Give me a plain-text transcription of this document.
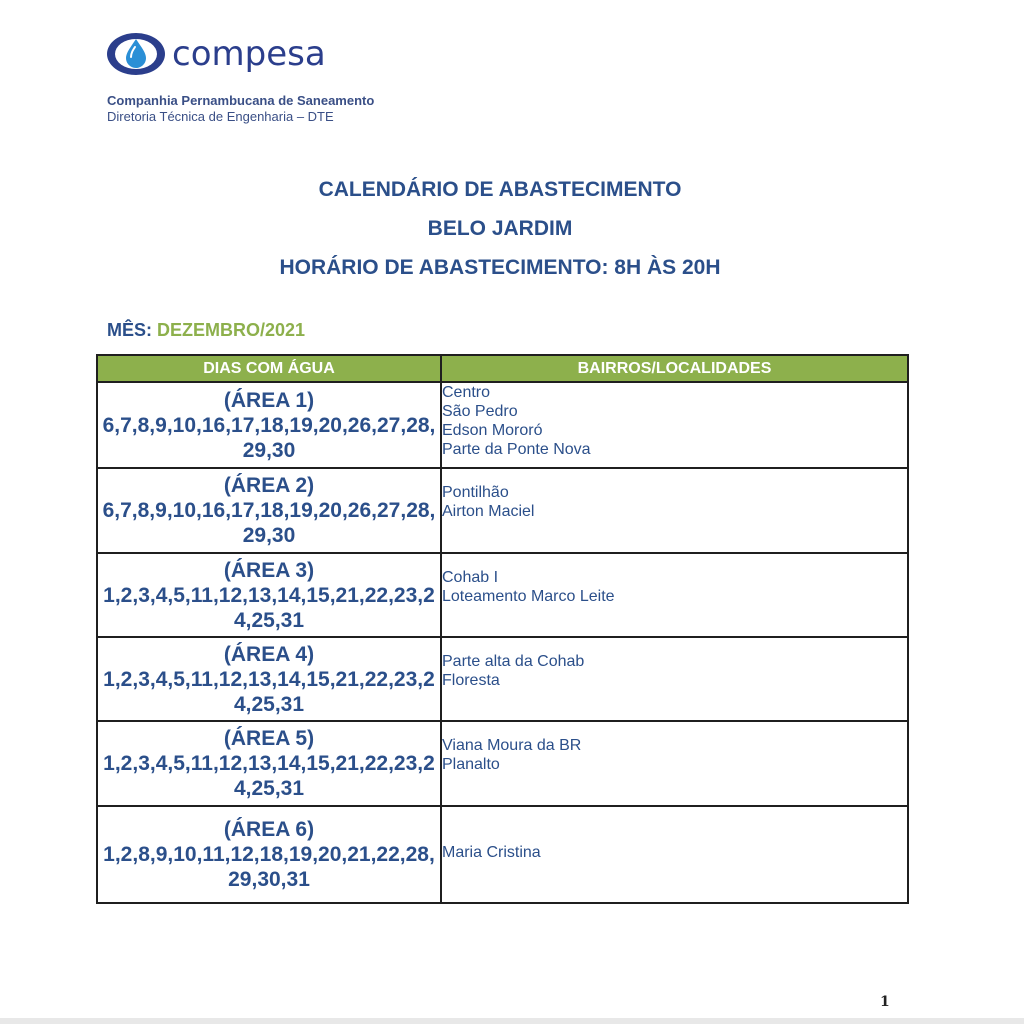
compesa
Companhia Pernambucana de Saneamento
Diretoria Técnica de Engenharia – DTE
CALENDÁRIO DE ABASTECIMENTO
BELO JARDIM
HORÁRIO DE ABASTECIMENTO: 8H ÀS 20H
MÊS: DEZEMBRO/2021
DIAS COM ÁGUA	BAIRROS/LOCALIDADES

(ÁREA 1)
6,7,8,9,10,16,17,18,19,20,26,27,28,29,30	Centro
São Pedro
Edson Mororó
Parte da Ponte Nova

(ÁREA 2)
6,7,8,9,10,16,17,18,19,20,26,27,28,29,30	Pontilhão
Airton Maciel

(ÁREA 3)
1,2,3,4,5,11,12,13,14,15,21,22,23,24,25,31	Cohab I
Loteamento Marco Leite

(ÁREA 4)
1,2,3,4,5,11,12,13,14,15,21,22,23,24,25,31	Parte alta da Cohab
Floresta

(ÁREA 5)
1,2,3,4,5,11,12,13,14,15,21,22,23,24,25,31	Viana Moura da BR
Planalto

(ÁREA 6)
1,2,8,9,10,11,12,18,19,20,21,22,28,29,30,31	Maria Cristina
1
